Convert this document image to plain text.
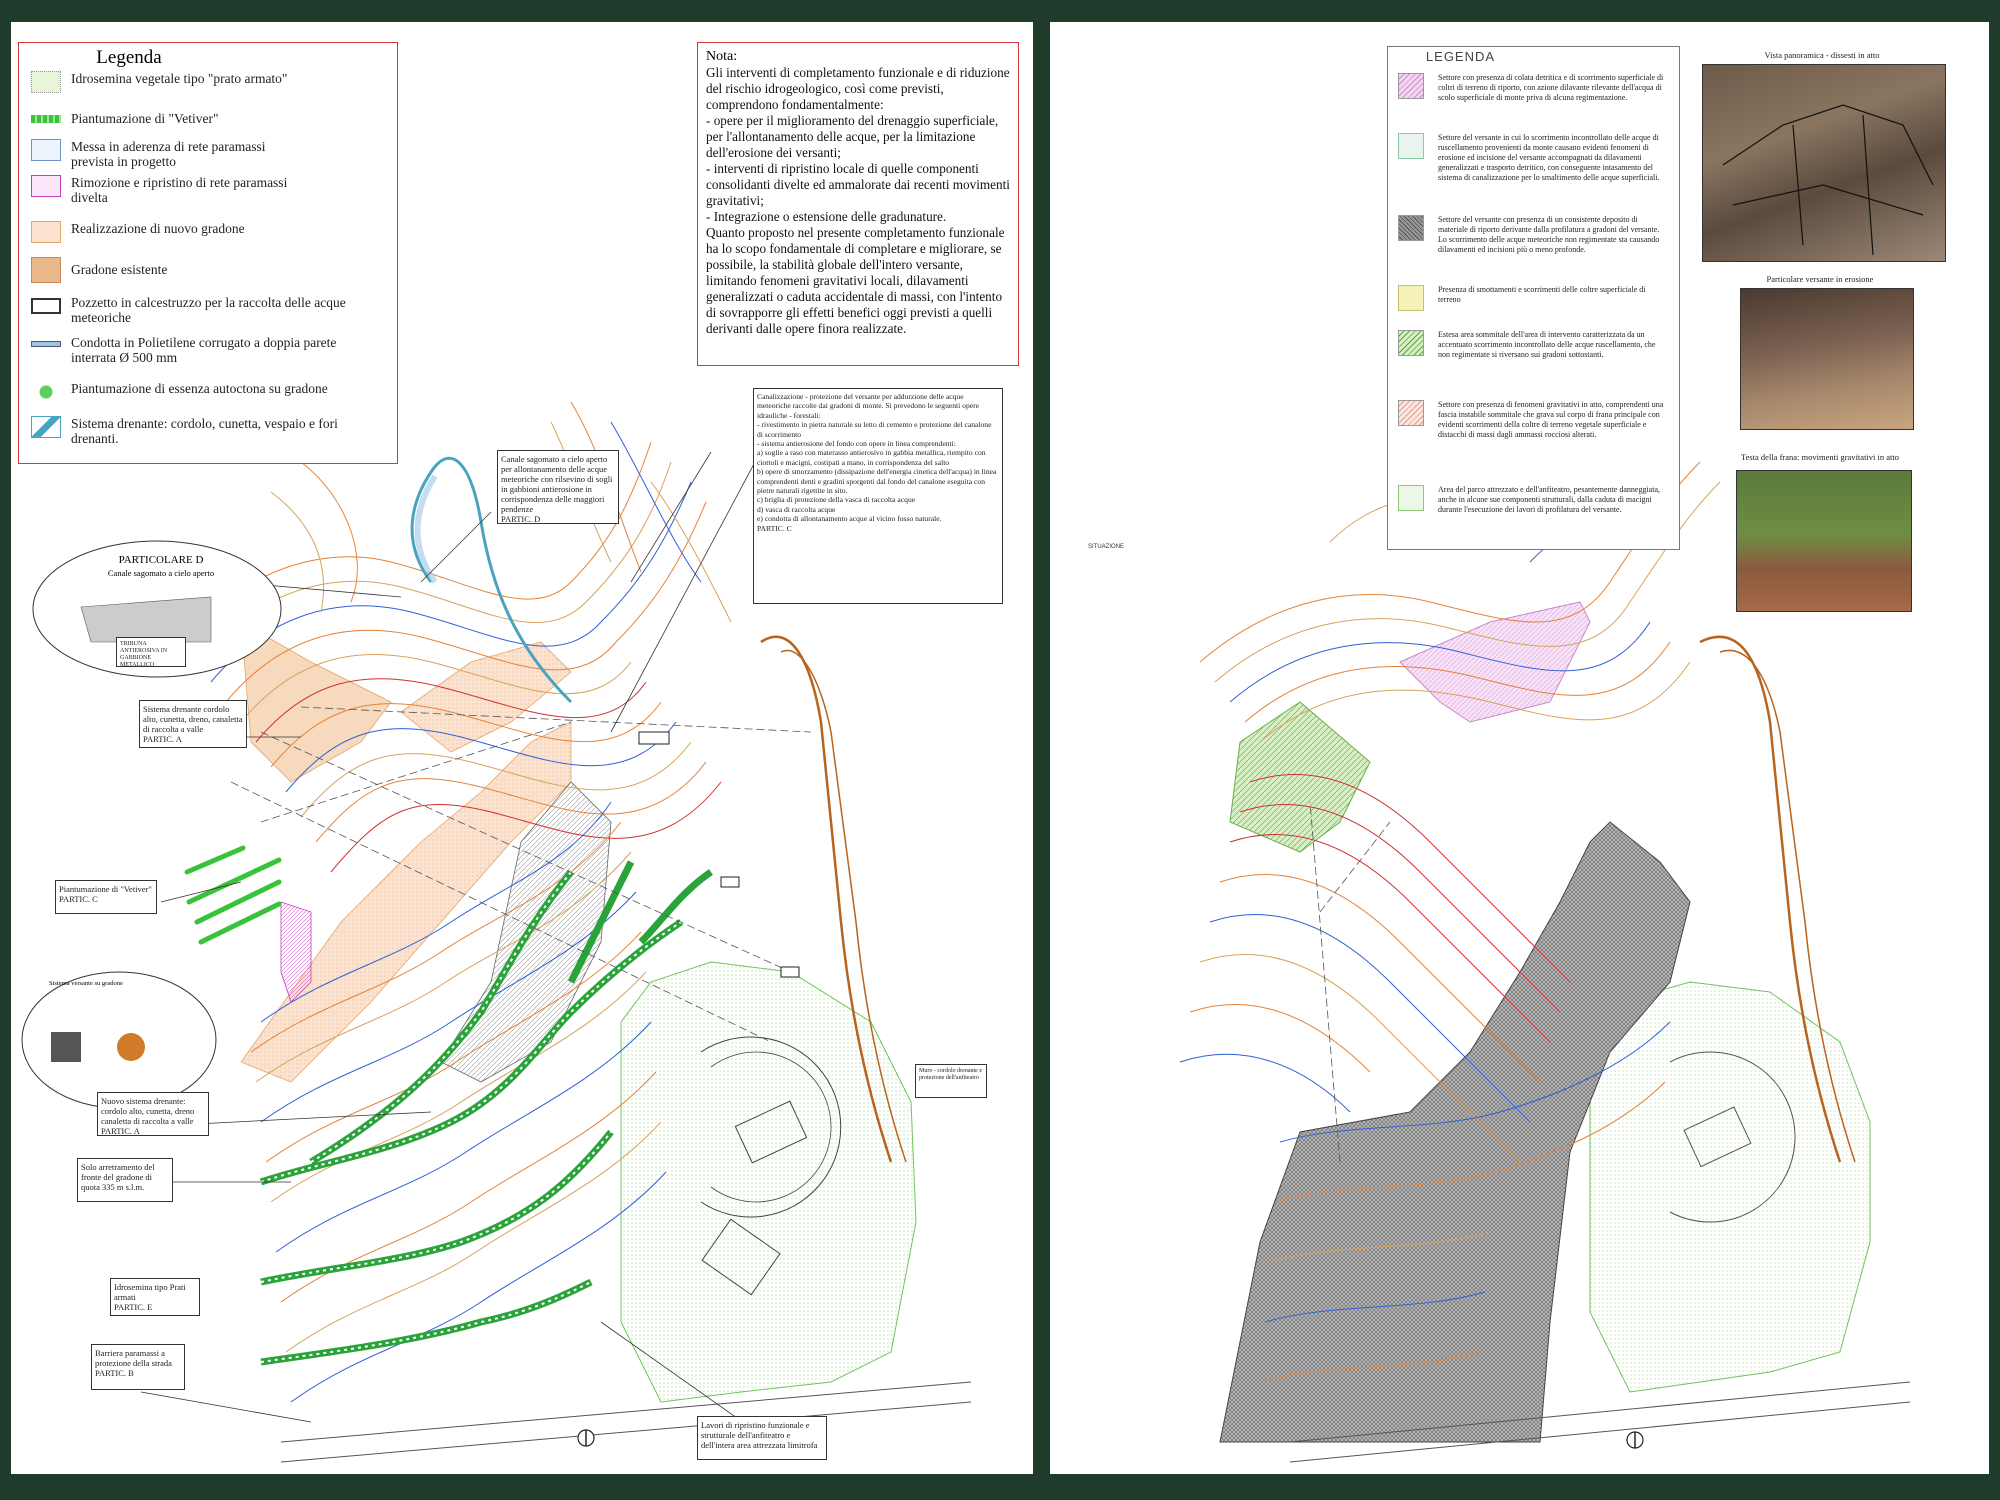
Legenda
Idrosemina vegetale tipo "prato armato"
Piantumazione di "Vetiver"
Messa in aderenza di rete paramassi prevista in progetto
Rimozione e ripristino di rete paramassi divelta
Realizzazione di nuovo gradone
Gradone esistente
Pozzetto in calcestruzzo per la raccolta delle acque meteoriche
Condotta in Polietilene corrugato a doppia parete interrata Ø 500 mm
Piantumazione di essenza autoctona su gradone
Sistema drenante: cordolo, cunetta, vespaio e fori drenanti.
Nota:
Gli interventi di completamento funzionale e di riduzione del rischio idrogeologico, così come previsti, comprendono fondamentalmente:
- opere per il miglioramento del drenaggio superficiale, per l'allontanamento delle acque, per la limitazione dell'erosione dei versanti;
- interventi di ripristino locale di quelle componenti consolidanti divelte ed ammalorate dai recenti movimenti gravitativi;
- Integrazione o estensione delle gradunature.
Quanto proposto nel presente completamento funzionale ha lo scopo fondamentale di completare e migliorare, se possibile, la stabilità globale dell'intero versante, limitando fenomeni gravitativi locali, dilavamenti generalizzati o caduta accidentale di massi, con l'intento di sovrapporre gli effetti benefici oggi previsti a quelli derivanti dalle opere finora realizzate.
Canale sagomato a cielo aperto per allontanamento delle acque meteoriche con rilsevino di sogli in gabbioni antierosione in corrispondenza delle maggiori pendenze
PARTIC. D
PARTICOLARE D
Canale sagomato a cielo aperto
TRIBUNA ANTIEROSIVA IN GABBIONE METALLICO
Canalizzazione - protezione del versante per addurzione delle acque meteoriche raccolte dai gradoni di monte. Si prevedono le seguenti opere idrauliche - forestali:
- rivestimento in pietra naturale su letto di cemento e protezione del canalone di scorrimento
- sistema antierosione del fondo con opere in linea comprendenti:
a) soglie a raso con materasso antierosivo in gabbia metallica, riempito con ciottoli e macigni, costipati a mano, in corrispondenza del salto
b) opere di smorzamento (dissipazione dell'energia cinetica dell'acqua) in linea comprendenti denti e gradini sporgenti dal fondo del canalone eseguita con pietre naturali rigettite in sito.
c) briglia di protezione della vasca di raccolta acque
d) vasca di raccolta acque
e) condotta di allontanamento acque al vicino fosso naturale.
PARTIC. C
Sistema drenante cordolo alto, cunetta, dreno, canaletta di raccolta a valle
PARTIC. A
Piantumazione di "Vetiver"
PARTIC. C
Sistema versante su gradone
Nuovo sistema drenante: cordolo alto, cunetta, dreno canaletta di raccolta a valle
PARTIC. A
Solo arretramento del fronte del gradone di quota 335 m s.l.m.
Idrosemina tipo Prati armati
PARTIC. E
Barriera paramassi a protezione della strada
PARTIC. B
Lavori di ripristino funzionale e strutturale dell'anfiteatro e dell'intera area attrezzata limitrofa
Muro - cordolo drenante e protezione dell'anfiteatro
SITUAZIONE
LEGENDA
Settore con presenza di colata detritica e di scorrimento superficiale di coltri di terreno di riporto, con azione dilavante rilevante dell'acqua di scolo superficiale di monte priva di alcuna regimentazione.
Settore del versante in cui lo scorrimento incontrollato delle acque di ruscellamento provenienti da monte causano evidenti fenomeni di erosione ed incisione del versante accompagnati da dilavamenti generalizzati e trasporto detritico, con conseguente intasamento del sistema di canalizzazione per lo smaltimento delle acque superficiali.
Settore del versante con presenza di un consistente deposito di materiale di riporto derivante dalla profilatura a gradoni del versante. Lo scorrimento delle acque meteoriche non regimentate sta causando dilavamenti ed incisioni più o meno profonde.
Presenza di smottamenti e scorrimenti delle coltre superficiale di terreno
Estesa area sommitale dell'area di intervento caratterizzata da un accentuato scorrimento incontrollato delle acque ruscellamento, che non regimentate si riversano sui gradoni sottostanti.
Settore con presenza di fenomeni gravitativi in atto, comprendenti una fascia instabile sommitale che grava sul corpo di frana principale con evidenti scorrimenti della coltre di terreno vegetale superficiale e distacchi di massi dagli ammassi rocciosi alterati.
Area del parco attrezzato e dell'anfiteatro, pesantemente danneggiata, anche in alcune sue componenti strutturali, dalla caduta di macigni durante l'esecuzione dei lavori di profilatura del versante.
Vista panoramica - dissesti in atto
Particolare versante in erosione
Testa della frana: movimenti gravitativi in atto
